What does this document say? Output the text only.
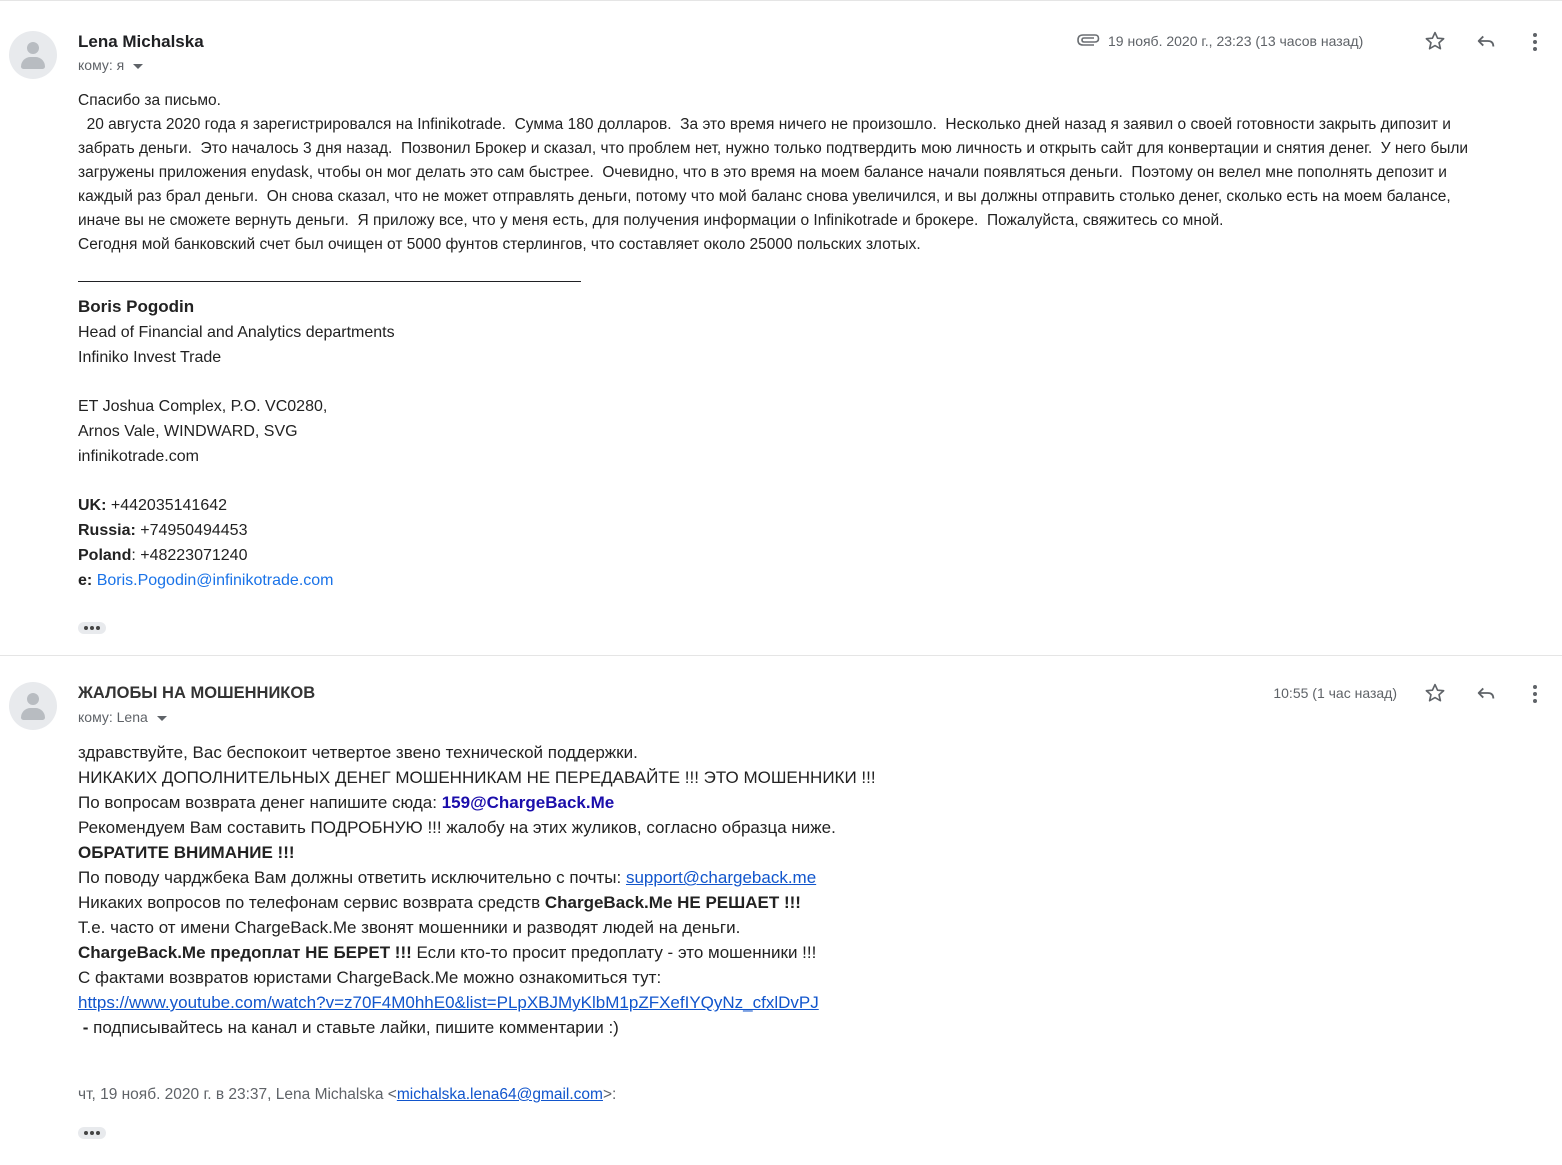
Lena Michalska
кому: я
19 нояб. 2020 г., 23:23 (13 часов назад)

Спасибо за письмо.

20 августа 2020 года я зарегистрировался на Infinikotrade.  Сумма 180 долларов.  За это время ничего не произошло.  Несколько дней назад я заявил о своей готовности закрыть дипозит и

забрать деньги.  Это началось 3 дня назад.  Позвонил Брокер и сказал, что проблем нет, нужно только подтвердить мою личность и открыть сайт для конвертации и снятия денег.  У него были

загружены приложения enydask, чтобы он мог делать это сам быстрее.  Очевидно, что в это время на моем балансе начали появляться деньги.  Поэтому он велел мне пополнять депозит и

каждый раз брал деньги.  Он снова сказал, что не может отправлять деньги, потому что мой баланс снова увеличился, и вы должны отправить столько денег, сколько есть на моем балансе,

иначе вы не сможете вернуть деньги.  Я приложу все, что у меня есть, для получения информации о Infinikotrade и брокере.  Пожалуйста, свяжитесь со мной.

Сегодня мой банковский счет был очищен от 5000 фунтов стерлингов, что составляет около 25000 польских злотых.

Boris Pogodin
Head of Financial and Analytics departments
Infiniko Invest Trade
ET Joshua Complex, P.O. VC0280,
Arnos Vale, WINDWARD, SVG
infinikotrade.com
UK: +442035141642
Russia: +74950494453
Poland: +48223071240
e: Boris.Pogodin@infinikotrade.com
ЖАЛОБЫ НА МОШЕННИКОВ
кому: Lena
10:55 (1 час назад)

здравствуйте, Вас беспокоит четвертое звено технической поддержки.

НИКАКИХ ДОПОЛНИТЕЛЬНЫХ ДЕНЕГ МОШЕННИКАМ НЕ ПЕРЕДАВАЙТЕ !!! ЭТО МОШЕННИКИ !!!

По вопросам возврата денег напишите сюда: 159@ChargeBack.Me

Рекомендуем Вам составить ПОДРОБНУЮ !!! жалобу на этих жуликов, согласно образца ниже.

ОБРАТИТЕ ВНИМАНИЕ !!!

По поводу чарджбека Вам должны ответить исключительно с почты: support@chargeback.me

Никаких вопросов по телефонам сервис возврата средств ChargeBack.Me НЕ РЕШАЕТ !!!

Т.е. часто от имени ChargeBack.Me звонят мошенники и разводят людей на деньги.

ChargeBack.Me предоплат НЕ БЕРЕТ !!! Если кто-то просит предоплату - это мошенники !!!

С фактами возвратов юристами ChargeBack.Me можно ознакомиться тут:

https://www.youtube.com/watch?v=z70F4M0hhE0&list=PLpXBJMyKlbM1pZFXefIYQyNz_cfxlDvPJ

- подписывайтесь на канал и ставьте лайки, пишите комментарии :)

чт, 19 нояб. 2020 г. в 23:37, Lena Michalska <michalska.lena64@gmail.com>:
